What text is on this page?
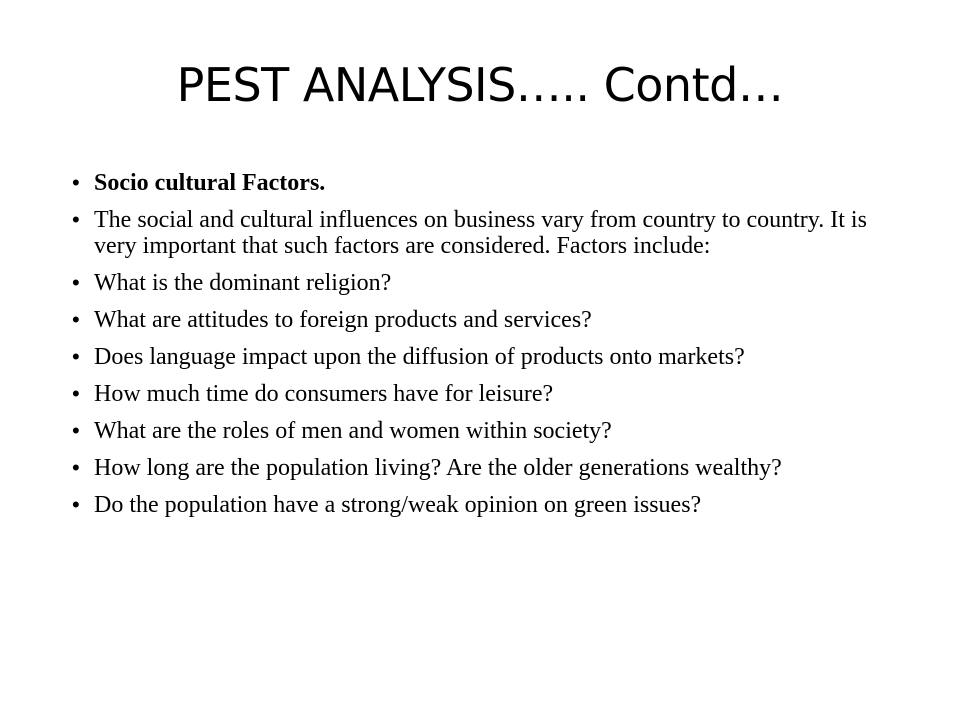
PEST ANALYSIS….. Contd…
• Socio cultural Factors.
• The social and cultural influences on business vary from country to country. It is very important that such factors are considered. Factors include:
• What is the dominant religion?
• What are attitudes to foreign products and services?
• Does language impact upon the diffusion of products onto markets?
• How much time do consumers have for leisure?
• What are the roles of men and women within society?
• How long are the population living? Are the older generations wealthy?
• Do the population have a strong/weak opinion on green issues?
